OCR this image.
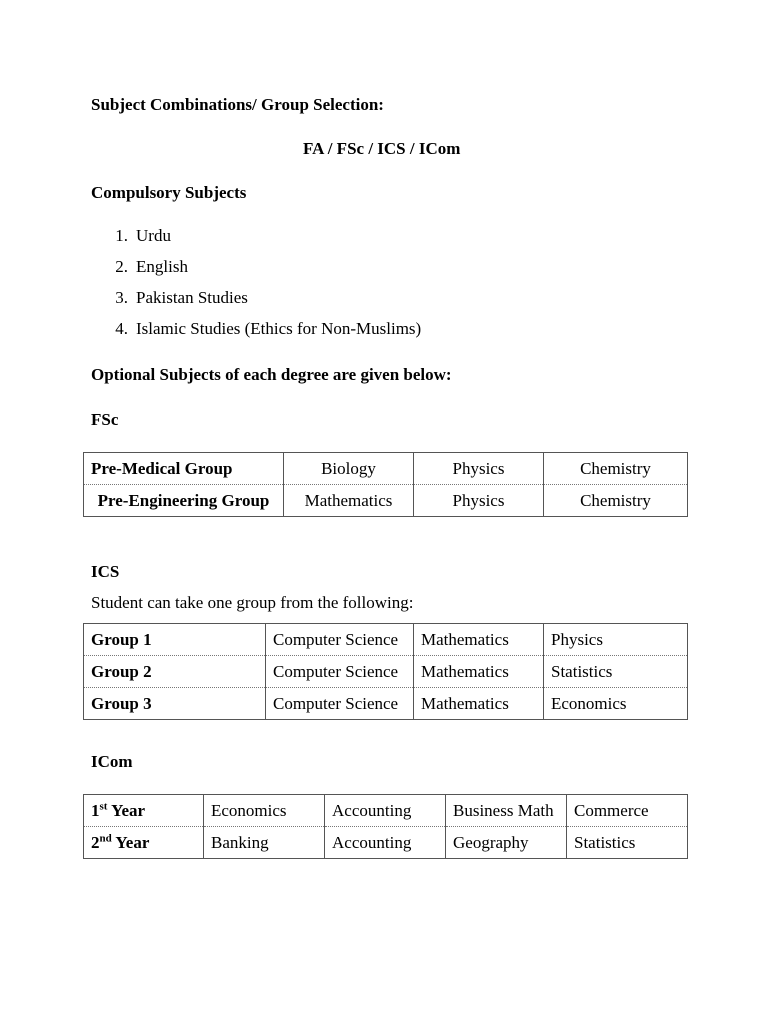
Subject Combinations/ Group Selection:
FA / FSc / ICS / ICom
Compulsory Subjects
1. Urdu
2. English
3. Pakistan Studies
4. Islamic Studies (Ethics for Non-Muslims)
Optional Subjects of each degree are given below:
FSc
Pre-Medical Group	Biology	Physics	Chemistry
Pre-Engineering Group	Mathematics	Physics	Chemistry
ICS
Student can take one group from the following:
Group 1	Computer Science	Mathematics	Physics
Group 2	Computer Science	Mathematics	Statistics
Group 3	Computer Science	Mathematics	Economics
ICom
1st Year	Economics	Accounting	Business Math	Commerce
2nd Year	Banking	Accounting	Geography	Statistics
